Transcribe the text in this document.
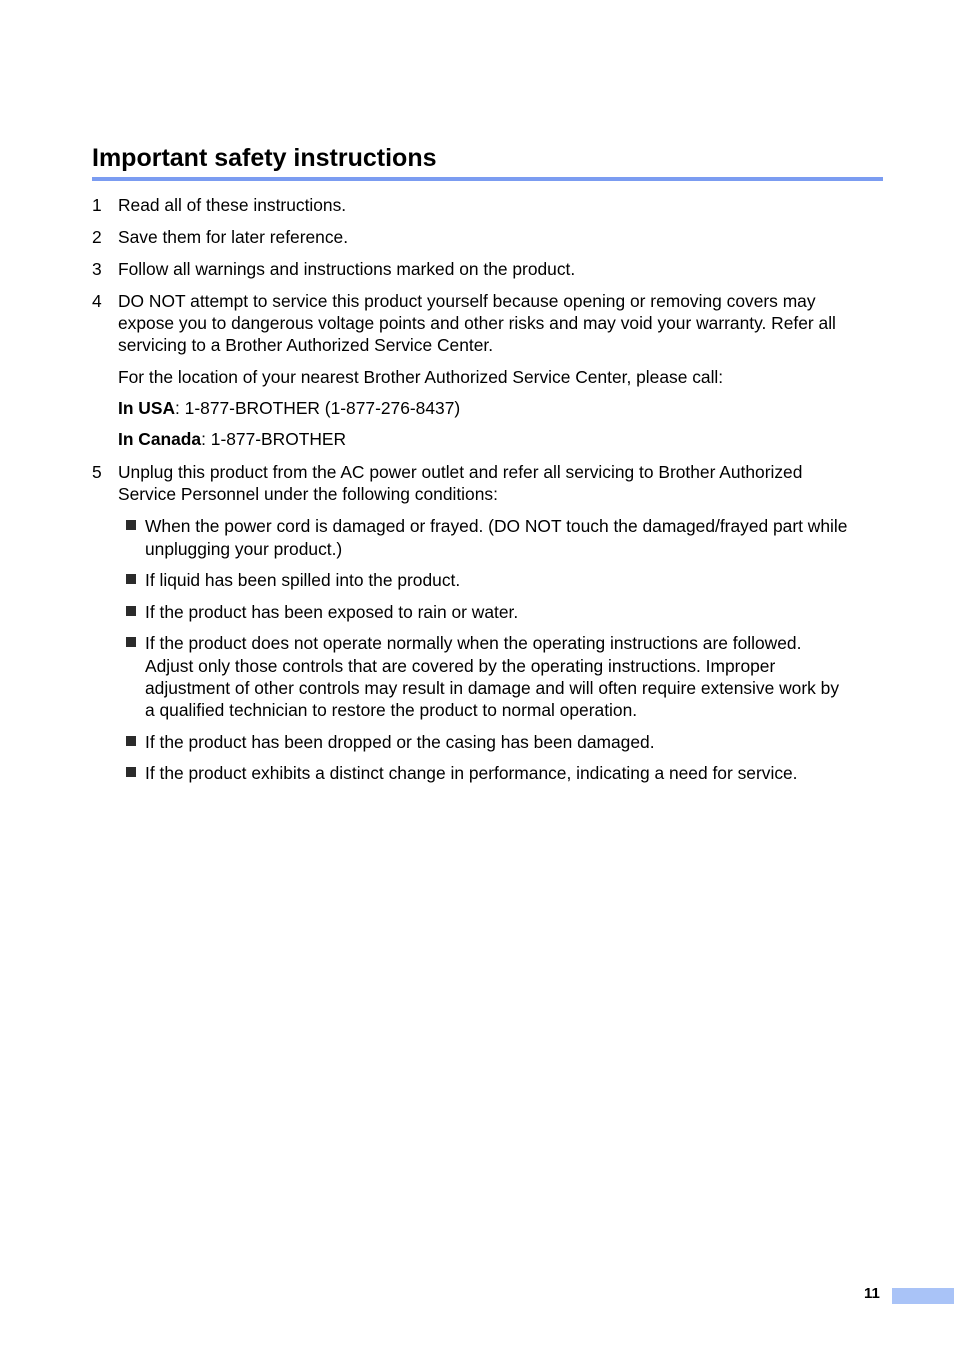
Important safety instructions
1 Read all of these instructions.
2 Save them for later reference.
3 Follow all warnings and instructions marked on the product.
4 DO NOT attempt to service this product yourself because opening or removing covers may
expose you to dangerous voltage points and other risks and may void your warranty. Refer all
servicing to a Brother Authorized Service Center.
For the location of your nearest Brother Authorized Service Center, please call:
In USA: 1-877-BROTHER (1-877-276-8437)
In Canada: 1-877-BROTHER
5 Unplug this product from the AC power outlet and refer all servicing to Brother Authorized
Service Personnel under the following conditions:
When the power cord is damaged or frayed. (DO NOT touch the damaged/frayed part while
unplugging your product.)
If liquid has been spilled into the product.
If the product has been exposed to rain or water.
If the product does not operate normally when the operating instructions are followed.
Adjust only those controls that are covered by the operating instructions. Improper
adjustment of other controls may result in damage and will often require extensive work by
a qualified technician to restore the product to normal operation.
If the product has been dropped or the casing has been damaged.
If the product exhibits a distinct change in performance, indicating a need for service.
11
